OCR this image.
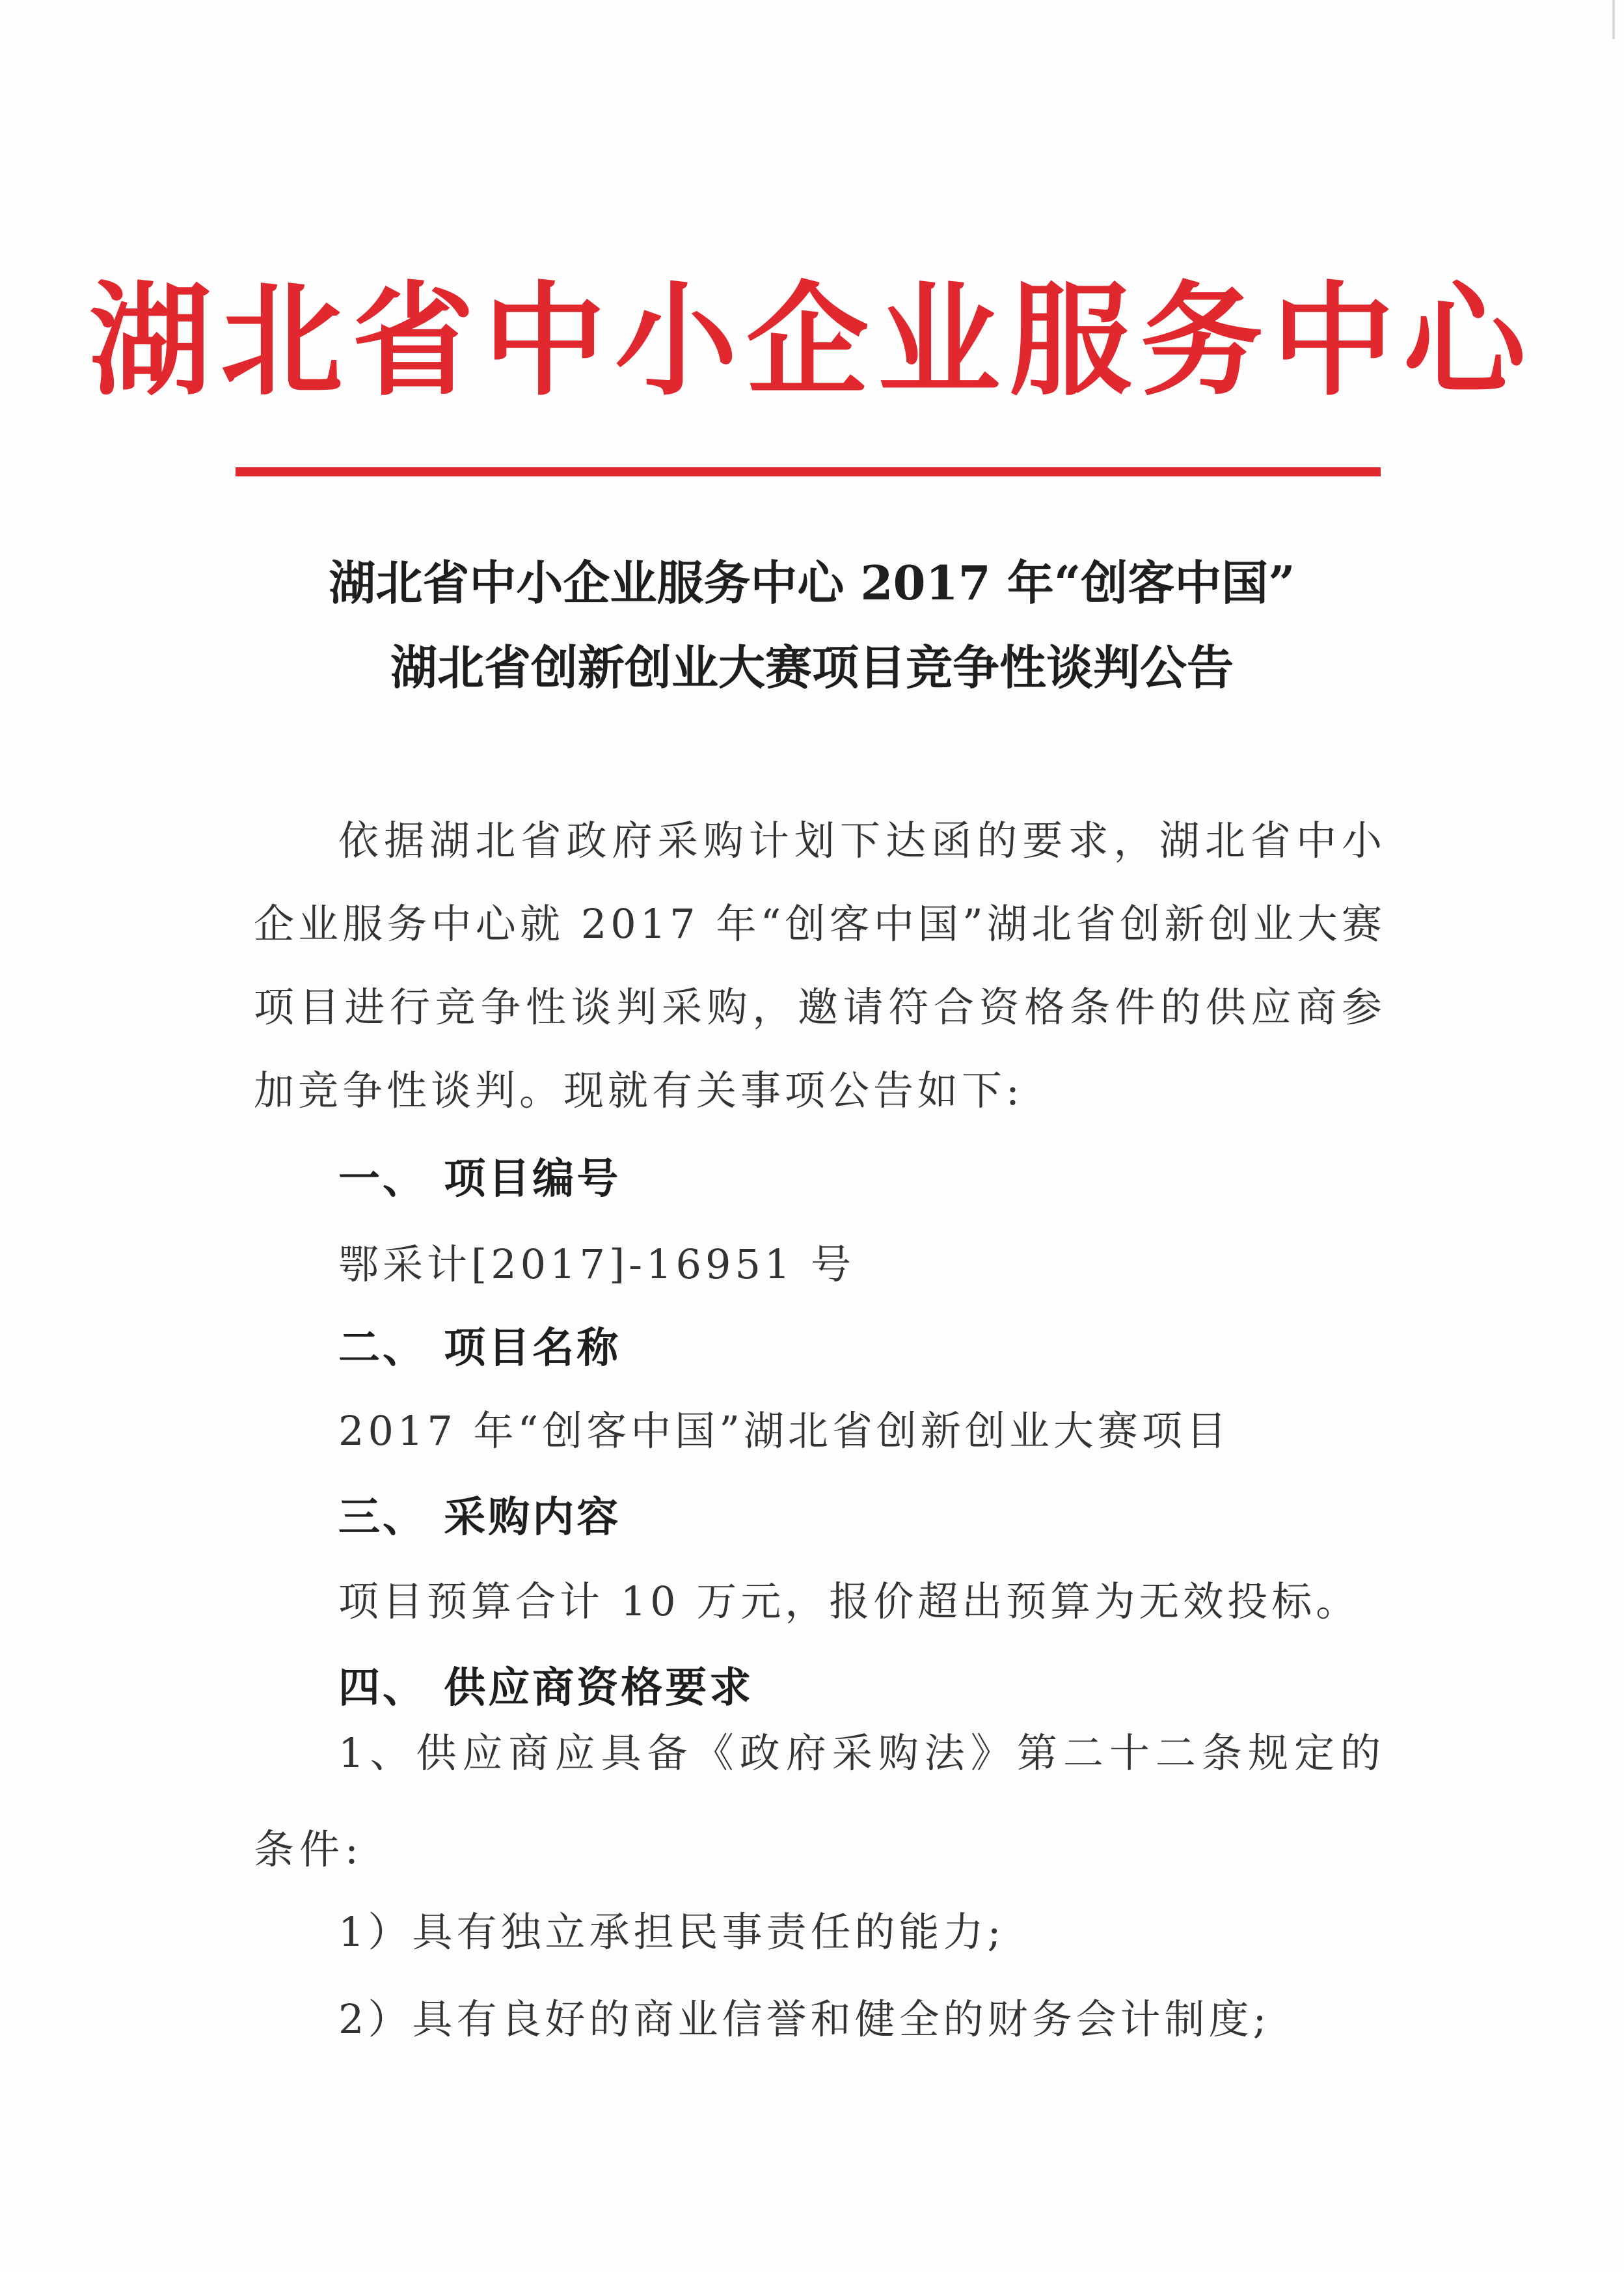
湖北省中小企业服务中心
湖北省中小企业服务中心 2017 年“创客中国”
湖北省创新创业大赛项目竞争性谈判公告
依据湖北省政府采购计划下达函的要求，湖北省中小企业服务中心就 2017 年“创客中国”湖北省创新创业大赛项目进行竞争性谈判采购，邀请符合资格条件的供应商参加竞争性谈判。现就有关事项公告如下:
一、 项目编号
鄂采计[2017]-16951 号
二、 项目名称
2017 年“创客中国”湖北省创新创业大赛项目
三、 采购内容
项目预算合计 10 万元，报价超出预算为无效投标。
四、 供应商资格要求
1、供应商应具备《政府采购法》第二十二条规定的条件:
1）具有独立承担民事责任的能力;
2）具有良好的商业信誉和健全的财务会计制度;
